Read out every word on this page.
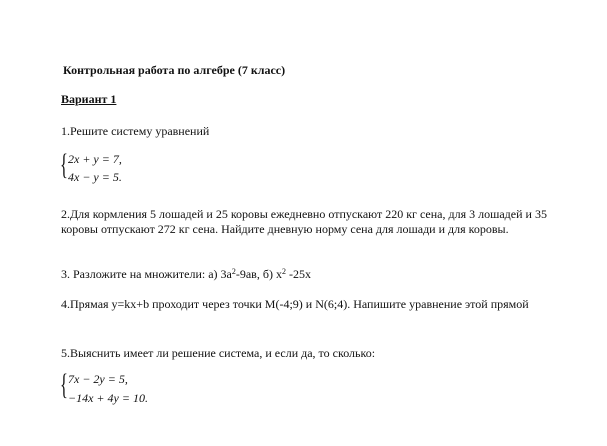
Контрольная работа по алгебре (7 класс)
Вариант 1
1.Решите систему уравнений
{ 2x + y = 7,
4x − y = 5.
2.Для кормления 5 лошадей и 25 коровы ежедневно отпускают 220 кг сена, для 3 лошадей и 35 коровы отпускают 272 кг сена. Найдите дневную норму сена для лошади и для коровы.
3. Разложите на множители: а) $3а^2-9ав$, б) $х^2$ -25х
4.Прямая y=kx+b проходит через точки М(-4;9) и N(6;4). Напишите уравнение этой прямой
5.Выяснить имеет ли решение система, и если да, то сколько:
{ 7x − 2y = 5,
−14x + 4y = 10.
